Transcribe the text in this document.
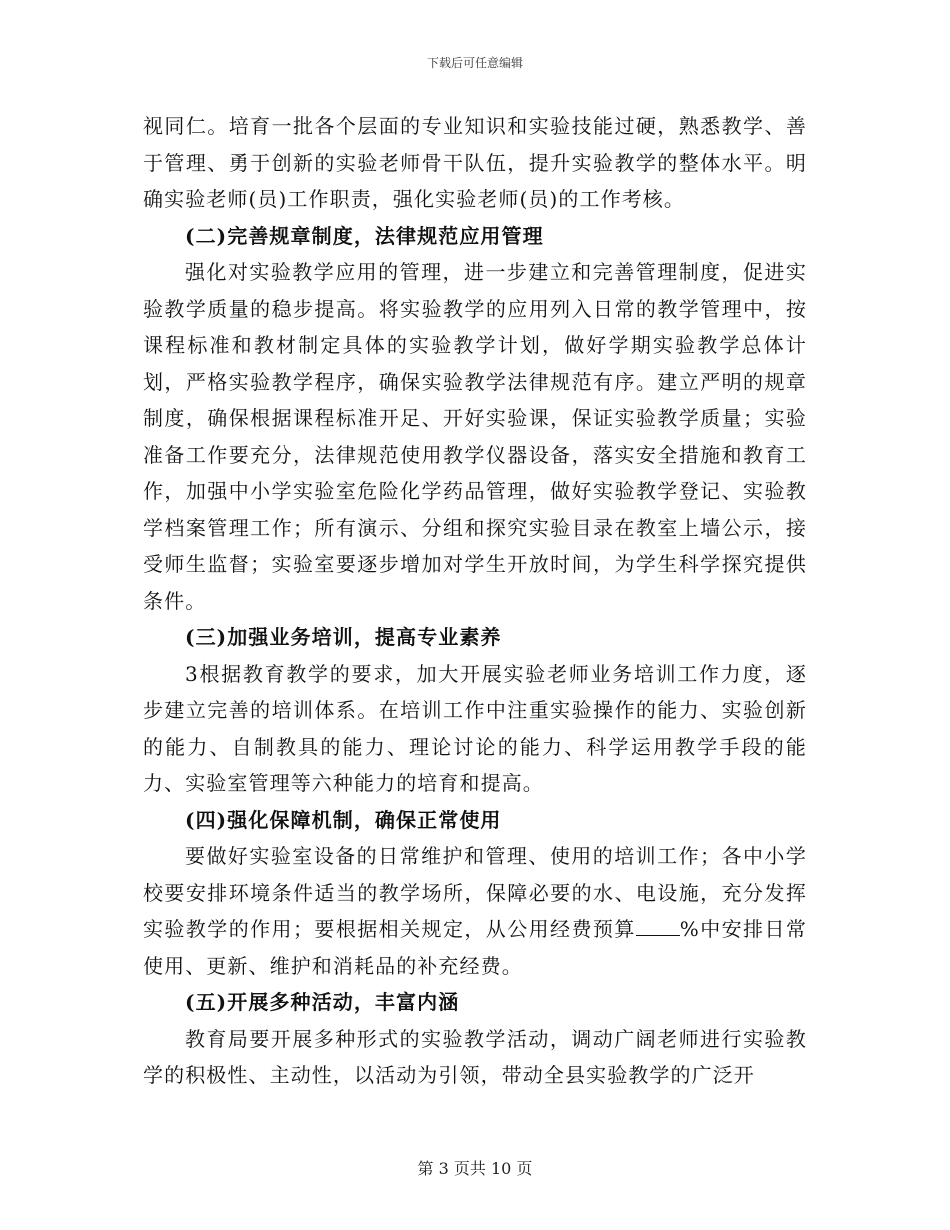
下载后可任意编辑

视同仁。培育一批各个层面的专业知识和实验技能过硬，熟悉教学、善于管理、勇于创新的实验老师骨干队伍，提升实验教学的整体水平。明确实验老师(员)工作职责，强化实验老师(员)的工作考核。

(二)完善规章制度，法律规范应用管理

强化对实验教学应用的管理，进一步建立和完善管理制度，促进实验教学质量的稳步提高。将实验教学的应用列入日常的教学管理中，按课程标准和教材制定具体的实验教学计划，做好学期实验教学总体计划，严格实验教学程序，确保实验教学法律规范有序。建立严明的规章制度，确保根据课程标准开足、开好实验课，保证实验教学质量；实验准备工作要充分，法律规范使用教学仪器设备，落实安全措施和教育工作，加强中小学实验室危险化学药品管理，做好实验教学登记、实验教学档案管理工作；所有演示、分组和探究实验目录在教室上墙公示，接受师生监督；实验室要逐步增加对学生开放时间，为学生科学探究提供条件。

(三)加强业务培训，提高专业素养

3根据教育教学的要求，加大开展实验老师业务培训工作力度，逐步建立完善的培训体系。在培训工作中注重实验操作的能力、实验创新的能力、自制教具的能力、理论讨论的能力、科学运用教学手段的能力、实验室管理等六种能力的培育和提高。

(四)强化保障机制，确保正常使用

要做好实验室设备的日常维护和管理、使用的培训工作；各中小学校要安排环境条件适当的教学场所，保障必要的水、电设施，充分发挥实验教学的作用；要根据相关规定，从公用经费预算 %中安排日常使用、更新、维护和消耗品的补充经费。

(五)开展多种活动，丰富内涵

教育局要开展多种形式的实验教学活动，调动广阔老师进行实验教学的积极性、主动性，以活动为引领，带动全县实验教学的广泛开

第 3 页共 10 页
